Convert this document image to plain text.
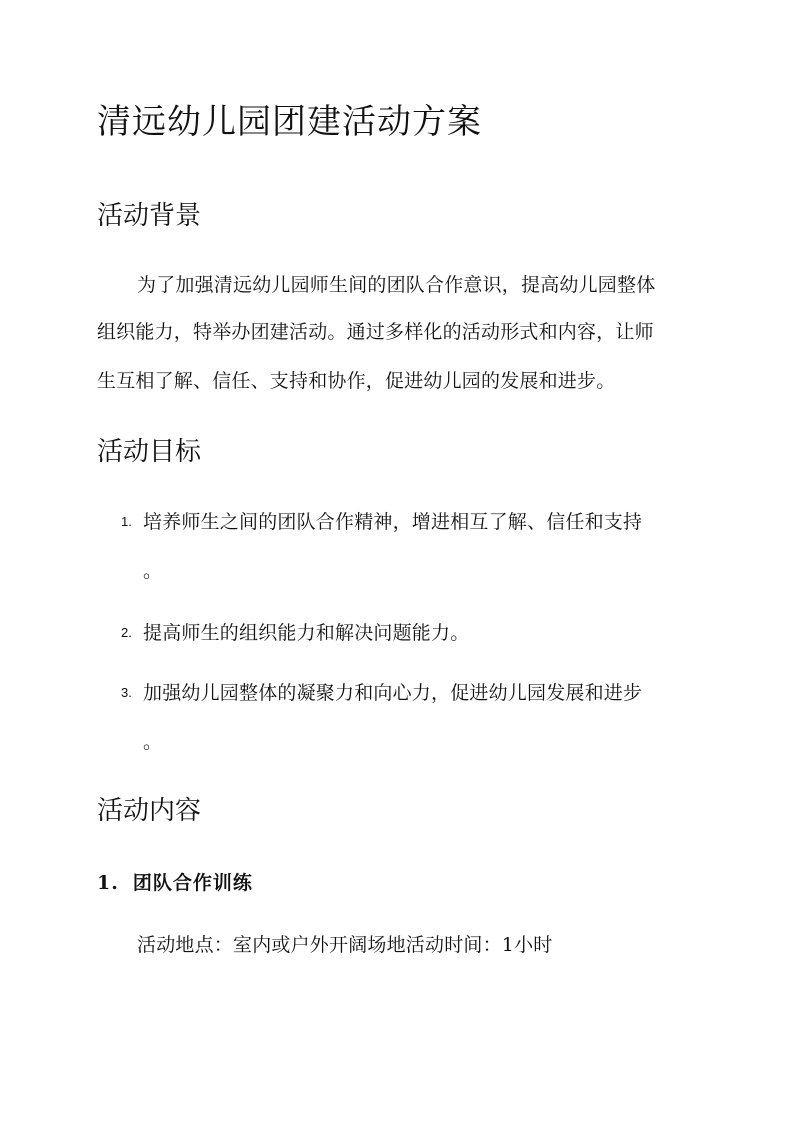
清远幼儿园团建活动方案
活动背景
为了加强清远幼儿园师生间的团队合作意识，提高幼儿园整体
组织能力，特举办团建活动。通过多样化的活动形式和内容，让师
生互相了解、信任、支持和协作，促进幼儿园的发展和进步。
活动目标
1. 培养师生之间的团队合作精神，增进相互了解、信任和支持
。
2. 提高师生的组织能力和解决问题能力。
3. 加强幼儿园整体的凝聚力和向心力，促进幼儿园发展和进步
。
活动内容
1. 团队合作训练
活动地点：室内或户外开阔场地活动时间：1小时
